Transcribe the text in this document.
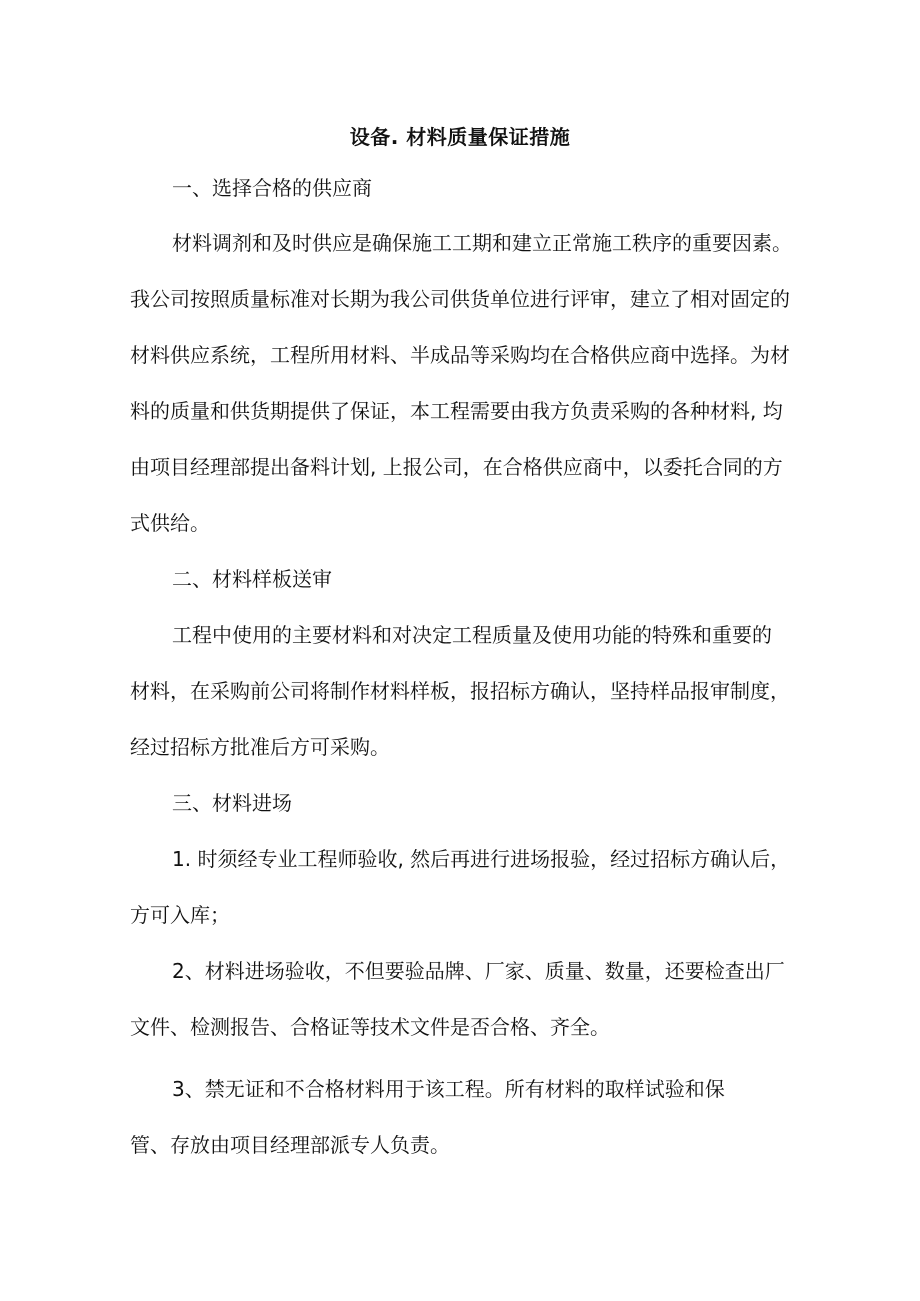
设备. 材料质量保证措施
一、选择合格的供应商
材料调剂和及时供应是确保施工工期和建立正常施工秩序的重要因素。
我公司按照质量标准对长期为我公司供货单位进行评审，建立了相对固定的
材料供应系统，工程所用材料、半成品等采购均在合格供应商中选择。为材
料的质量和供货期提供了保证，本工程需要由我方负责采购的各种材料, 均
由项目经理部提出备料计划, 上报公司，在合格供应商中，以委托合同的方
式供给。
二、材料样板送审
工程中使用的主要材料和对决定工程质量及使用功能的特殊和重要的
材料，在采购前公司将制作材料样板，报招标方确认，坚持样品报审制度，
经过招标方批准后方可采购。
三、材料进场
1. 时须经专业工程师验收, 然后再进行进场报验，经过招标方确认后，
方可入库；
2、材料进场验收，不但要验品牌、厂家、质量、数量，还要检查出厂
文件、检测报告、合格证等技术文件是否合格、齐全。
3、禁无证和不合格材料用于该工程。所有材料的取样试验和保
管、存放由项目经理部派专人负责。
